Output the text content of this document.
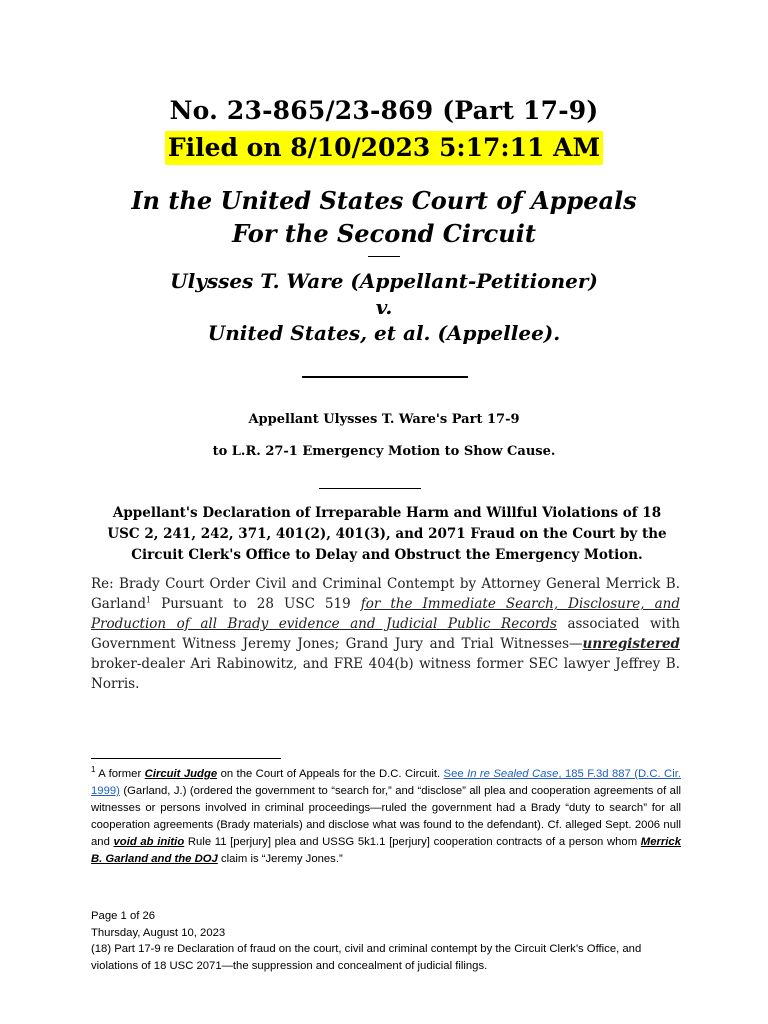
No. 23-865/23-869 (Part 17-9)
Filed on 8/10/2023 5:17:11 AM
In the United States Court of Appeals
For the Second Circuit
Ulysses T. Ware (Appellant-Petitioner)
v.
United States, et al. (Appellee).
Appellant Ulysses T. Ware's Part 17-9
to L.R. 27-1 Emergency Motion to Show Cause.
Appellant's Declaration of Irreparable Harm and Willful Violations of 18 USC 2, 241, 242, 371, 401(2), 401(3), and 2071 Fraud on the Court by the Circuit Clerk's Office to Delay and Obstruct the Emergency Motion.
Re: Brady Court Order Civil and Criminal Contempt by Attorney General Merrick B. Garland$^1$ Pursuant to 28 USC 519 for the Immediate Search, Disclosure, and Production of all Brady evidence and Judicial Public Records associated with Government Witness Jeremy Jones; Grand Jury and Trial Witnesses—unregistered broker-dealer Ari Rabinowitz, and FRE 404(b) witness former SEC lawyer Jeffrey B. Norris.
$^1$ A former Circuit Judge on the Court of Appeals for the D.C. Circuit. See In re Sealed Case, 185 F.3d 887 (D.C. Cir. 1999) (Garland, J.) (ordered the government to “search for,” and “disclose” all plea and cooperation agreements of all witnesses or persons involved in criminal proceedings—ruled the government had a Brady “duty to search” for all cooperation agreements (Brady materials) and disclose what was found to the defendant). Cf. alleged Sept. 2006 null and void ab initio Rule 11 [perjury] plea and USSG 5k1.1 [perjury] cooperation contracts of a person whom Merrick B. Garland and the DOJ claim is “Jeremy Jones.”
Page 1 of 26
Thursday, August 10, 2023
(18) Part 17-9 re Declaration of fraud on the court, civil and criminal contempt by the Circuit Clerk’s Office, and violations of 18 USC 2071—the suppression and concealment of judicial filings.
